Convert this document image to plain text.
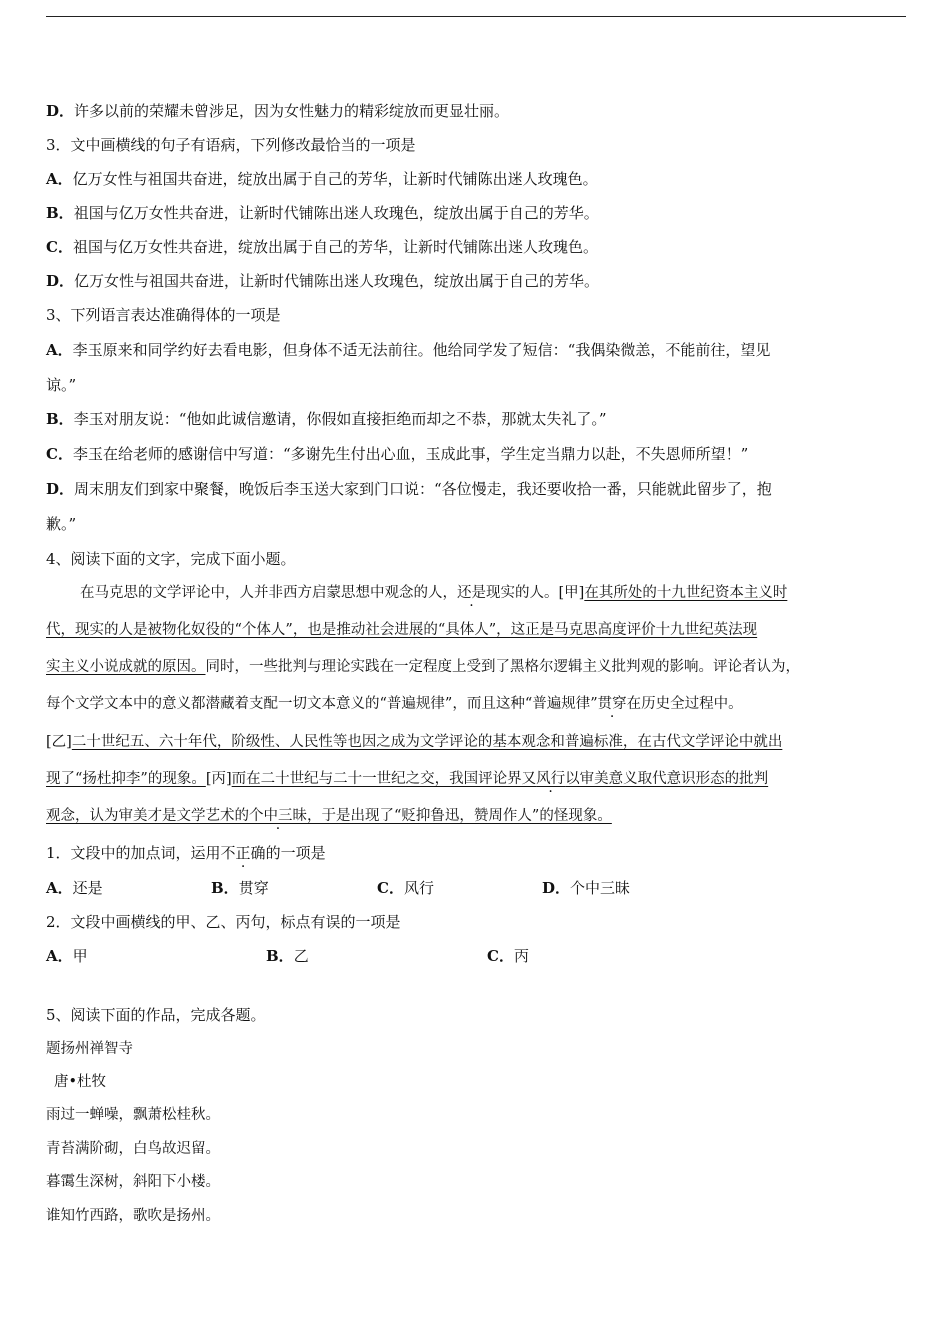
D．许多以前的荣耀未曾涉足，因为女性魅力的精彩绽放而更显壮丽。
3．文中画横线的句子有语病，下列修改最恰当的一项是
A．亿万女性与祖国共奋进，绽放出属于自己的芳华，让新时代铺陈出迷人玫瑰色。
B．祖国与亿万女性共奋进，让新时代铺陈出迷人玫瑰色，绽放出属于自己的芳华。
C．祖国与亿万女性共奋进，绽放出属于自己的芳华，让新时代铺陈出迷人玫瑰色。
D．亿万女性与祖国共奋进，让新时代铺陈出迷人玫瑰色，绽放出属于自己的芳华。
3、下列语言表达准确得体的一项是
A．李玉原来和同学约好去看电影，但身体不适无法前往。他给同学发了短信：“我偶染微恙，不能前往，望见
谅。”
B．李玉对朋友说：“他如此诚信邀请，你假如直接拒绝而却之不恭，那就太失礼了。”
C．李玉在给老师的感谢信中写道：“多谢先生付出心血，玉成此事，学生定当鼎力以赴，不失恩师所望！”
D．周末朋友们到家中聚餐，晚饭后李玉送大家到门口说：“各位慢走，我还要收拾一番，只能就此留步了，抱
歉。”
4、阅读下面的文字，完成下面小题。
在马克思的文学评论中，人并非西方启蒙思想中观念的人，还是现实的人。[甲]在其所处的十九世纪资本主义时
代，现实的人是被物化奴役的“个体人”，也是推动社会进展的“具体人”，这正是马克思高度评价十九世纪英法现
实主义小说成就的原因。同时，一些批判与理论实践在一定程度上受到了黑格尔逻辑主义批判观的影响。评论者认为，
每个文学文本中的意义都潜藏着支配一切文本意义的“普遍规律”，而且这种“普遍规律”贯穿在历史全过程中。
[乙]二十世纪五、六十年代，阶级性、人民性等也因之成为文学评论的基本观念和普遍标准，在古代文学评论中就出
现了“扬杜抑李”的现象。[丙]而在二十世纪与二十一世纪之交，我国评论界又风行以审美意义取代意识形态的批判
观念，认为审美才是文学艺术的个中三昧，于是出现了“贬抑鲁迅，赞周作人”的怪现象。
1．文段中的加点词，运用不正确的一项是
A．还是	B．贯穿	C．风行	D．个中三昧
2．文段中画横线的甲、乙、丙句，标点有误的一项是
A．甲	B．乙	C．丙
5、阅读下面的作品，完成各题。
题扬州禅智寺
唐•杜牧
雨过一蝉噪，飘萧松桂秋。
青苔满阶砌，白鸟故迟留。
暮霭生深树，斜阳下小楼。
谁知竹西路，歌吹是扬州。
